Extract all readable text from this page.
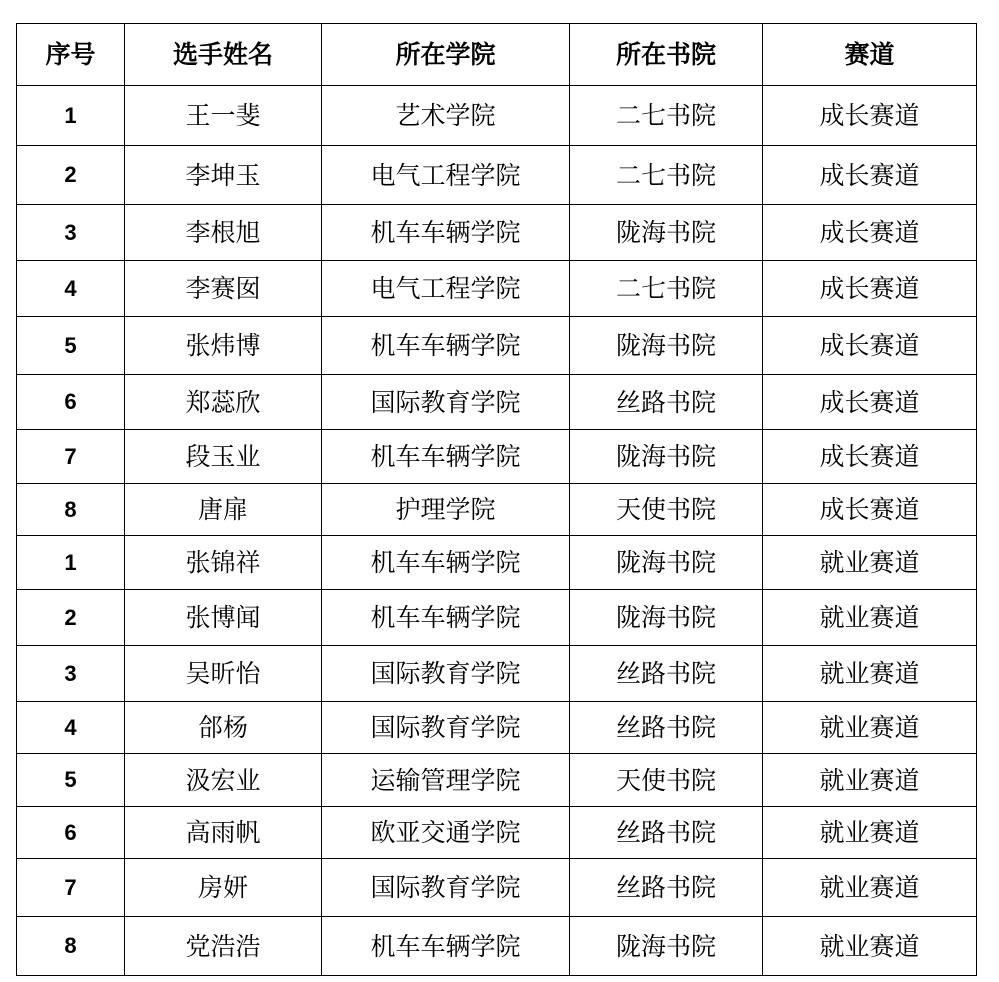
序号	选手姓名	所在学院	所在书院	赛道
1	王一斐	艺术学院	二七书院	成长赛道
2	李坤玉	电气工程学院	二七书院	成长赛道
3	李根旭	机车车辆学院	陇海书院	成长赛道
4	李赛囡	电气工程学院	二七书院	成长赛道
5	张炜博	机车车辆学院	陇海书院	成长赛道
6	郑蕊欣	国际教育学院	丝路书院	成长赛道
7	段玉业	机车车辆学院	陇海书院	成长赛道
8	唐扉	护理学院	天使书院	成长赛道
1	张锦祥	机车车辆学院	陇海书院	就业赛道
2	张博闻	机车车辆学院	陇海书院	就业赛道
3	吴昕怡	国际教育学院	丝路书院	就业赛道
4	郃杨	国际教育学院	丝路书院	就业赛道
5	汲宏业	运输管理学院	天使书院	就业赛道
6	高雨帆	欧亚交通学院	丝路书院	就业赛道
7	房妍	国际教育学院	丝路书院	就业赛道
8	党浩浩	机车车辆学院	陇海书院	就业赛道
